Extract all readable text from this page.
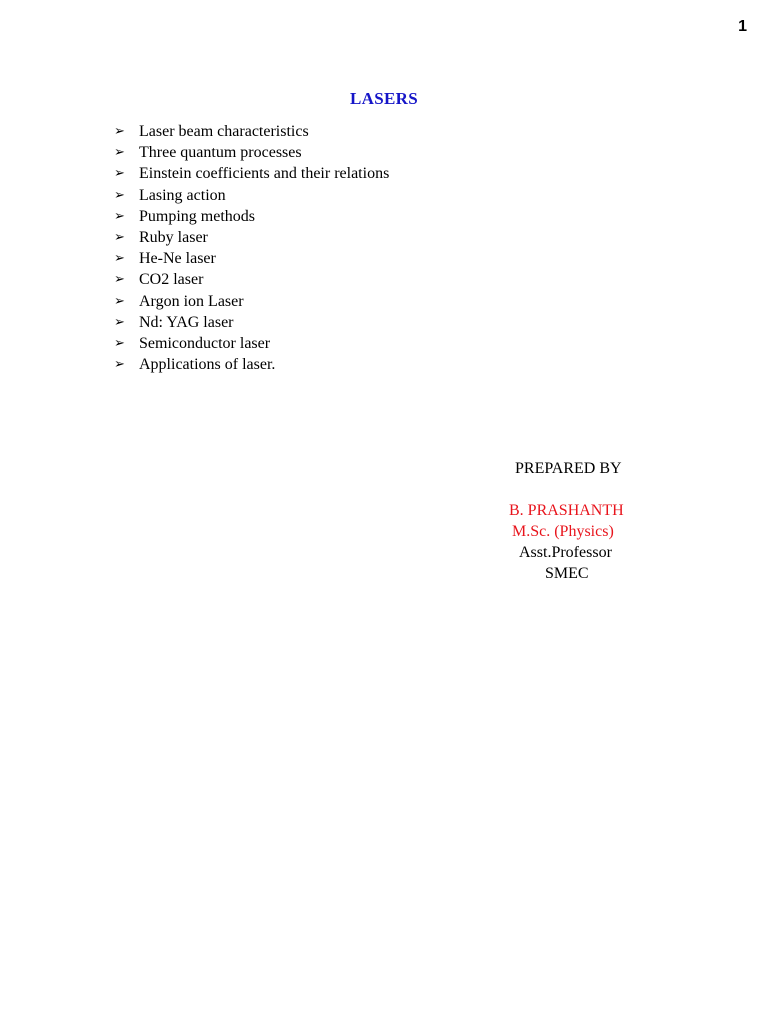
1
LASERS
➢ Laser beam characteristics
➢ Three quantum processes
➢ Einstein coefficients and their relations
➢ Lasing action
➢ Pumping methods
➢ Ruby laser
➢ He-Ne laser
➢ CO2 laser
➢ Argon ion Laser
➢ Nd: YAG laser
➢ Semiconductor laser
➢ Applications of laser.
PREPARED BY
B. PRASHANTH
M.Sc. (Physics)
Asst.Professor
SMEC
